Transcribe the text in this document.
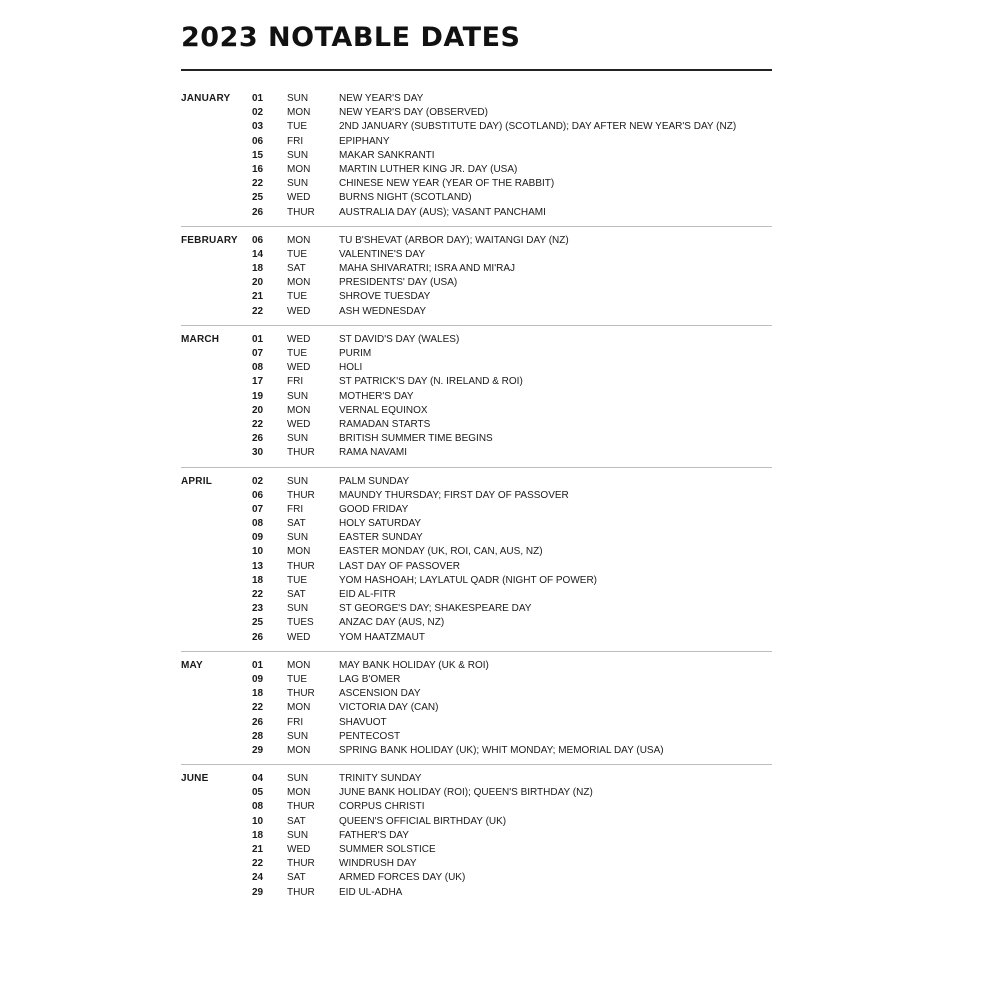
2023 NOTABLE DATES
JANUARY 01	SUN	NEW YEAR'S DAY
02	MON	NEW YEAR'S DAY (OBSERVED)
03	TUE	2ND JANUARY (SUBSTITUTE DAY) (SCOTLAND); DAY AFTER NEW YEAR'S DAY (NZ)
06	FRI	EPIPHANY
15	SUN	MAKAR SANKRANTI
16	MON	MARTIN LUTHER KING JR. DAY (USA)
22	SUN	CHINESE NEW YEAR (YEAR OF THE RABBIT)
25	WED	BURNS NIGHT (SCOTLAND)
26	THUR	AUSTRALIA DAY (AUS); VASANT PANCHAMI
FEBRUARY 06	MON	TU B'SHEVAT (ARBOR DAY); WAITANGI DAY (NZ)
14	TUE	VALENTINE'S DAY
18	SAT	MAHA SHIVARATRI; ISRA AND MI'RAJ
20	MON	PRESIDENTS' DAY (USA)
21	TUE	SHROVE TUESDAY
22	WED	ASH WEDNESDAY
MARCH	01	WED	ST DAVID'S DAY (WALES)
07	TUE	PURIM
08	WED	HOLI
17	FRI	ST PATRICK'S DAY (N. IRELAND & ROI)
19	SUN	MOTHER'S DAY
20	MON	VERNAL EQUINOX
22	WED	RAMADAN STARTS
26	SUN	BRITISH SUMMER TIME BEGINS
30	THUR	RAMA NAVAMI
APRIL	02	SUN	PALM SUNDAY
06	THUR	MAUNDY THURSDAY; FIRST DAY OF PASSOVER
07	FRI	GOOD FRIDAY
08	SAT	HOLY SATURDAY
09	SUN	EASTER SUNDAY
10	MON	EASTER MONDAY (UK, ROI, CAN, AUS, NZ)
13	THUR	LAST DAY OF PASSOVER
18	TUE	YOM HASHOAH; LAYLATUL QADR (NIGHT OF POWER)
22	SAT	EID AL-FITR
23	SUN	ST GEORGE'S DAY; SHAKESPEARE DAY
25	TUES	ANZAC DAY (AUS, NZ)
26	WED	YOM HAATZMAUT
MAY	01	MON	MAY BANK HOLIDAY (UK & ROI)
09	TUE	LAG B'OMER
18	THUR	ASCENSION DAY
22	MON	VICTORIA DAY (CAN)
26	FRI	SHAVUOT
28	SUN	PENTECOST
29	MON	SPRING BANK HOLIDAY (UK); WHIT MONDAY; MEMORIAL DAY (USA)
JUNE	04	SUN	TRINITY SUNDAY
05	MON	JUNE BANK HOLIDAY (ROI); QUEEN'S BIRTHDAY (NZ)
08	THUR	CORPUS CHRISTI
10	SAT	QUEEN'S OFFICIAL BIRTHDAY (UK)
18	SUN	FATHER'S DAY
21	WED	SUMMER SOLSTICE
22	THUR	WINDRUSH DAY
24	SAT	ARMED FORCES DAY (UK)
29	THUR	EID UL-ADHA
